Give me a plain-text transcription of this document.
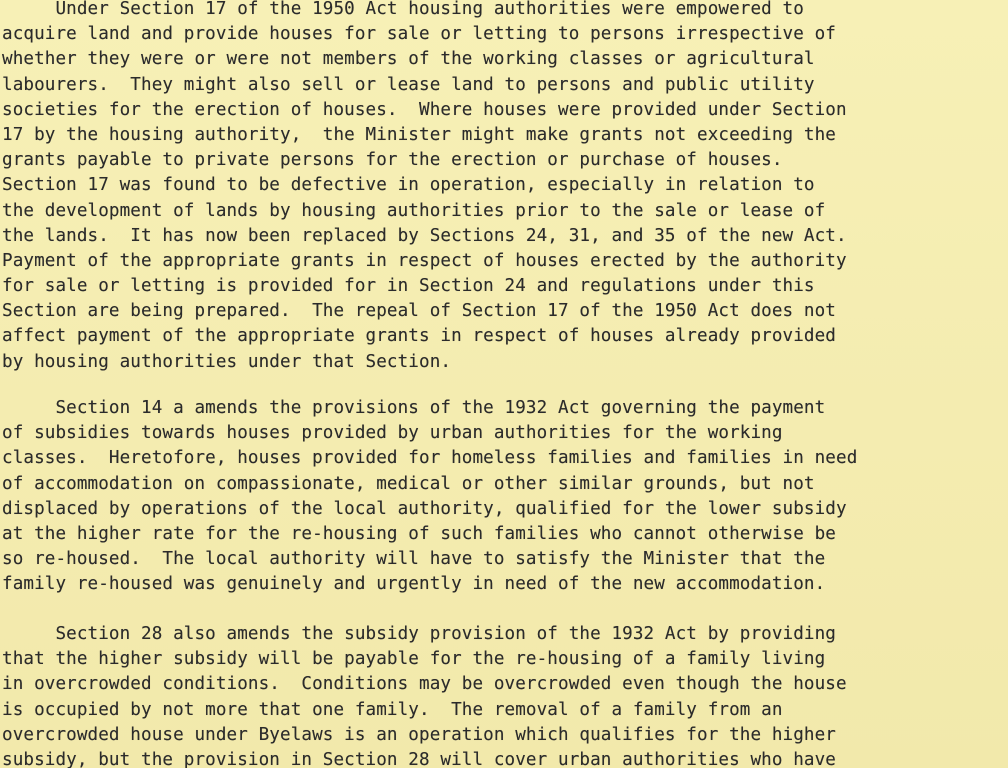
Under Section 17 of the 1950 Act housing authorities were empowered to
acquire land and provide houses for sale or letting to persons irrespective of
whether they were or were not members of the working classes or agricultural
labourers.  They might also sell or lease land to persons and public utility
societies for the erection of houses.  Where houses were provided under Section
17 by the housing authority,  the Minister might make grants not exceeding the
grants payable to private persons for the erection or purchase of houses.
Section 17 was found to be defective in operation, especially in relation to
the development of lands by housing authorities prior to the sale or lease of
the lands.  It has now been replaced by Sections 24, 31, and 35 of the new Act.
Payment of the appropriate grants in respect of houses erected by the authority
for sale or letting is provided for in Section 24 and regulations under this
Section are being prepared.  The repeal of Section 17 of the 1950 Act does not
affect payment of the appropriate grants in respect of houses already provided
by housing authorities under that Section.
Section 14 a amends the provisions of the 1932 Act governing the payment
of subsidies towards houses provided by urban authorities for the working
classes.  Heretofore, houses provided for homeless families and families in need
of accommodation on compassionate, medical or other similar grounds, but not
displaced by operations of the local authority, qualified for the lower subsidy
at the higher rate for the re-housing of such families who cannot otherwise be
so re-housed.  The local authority will have to satisfy the Minister that the
family re-housed was genuinely and urgently in need of the new accommodation.
Section 28 also amends the subsidy provision of the 1932 Act by providing
that the higher subsidy will be payable for the re-housing of a family living
in overcrowded conditions.  Conditions may be overcrowded even though the house
is occupied by not more that one family.  The removal of a family from an
overcrowded house under Byelaws is an operation which qualifies for the higher
subsidy, but the provision in Section 28 will cover urban authorities who have
